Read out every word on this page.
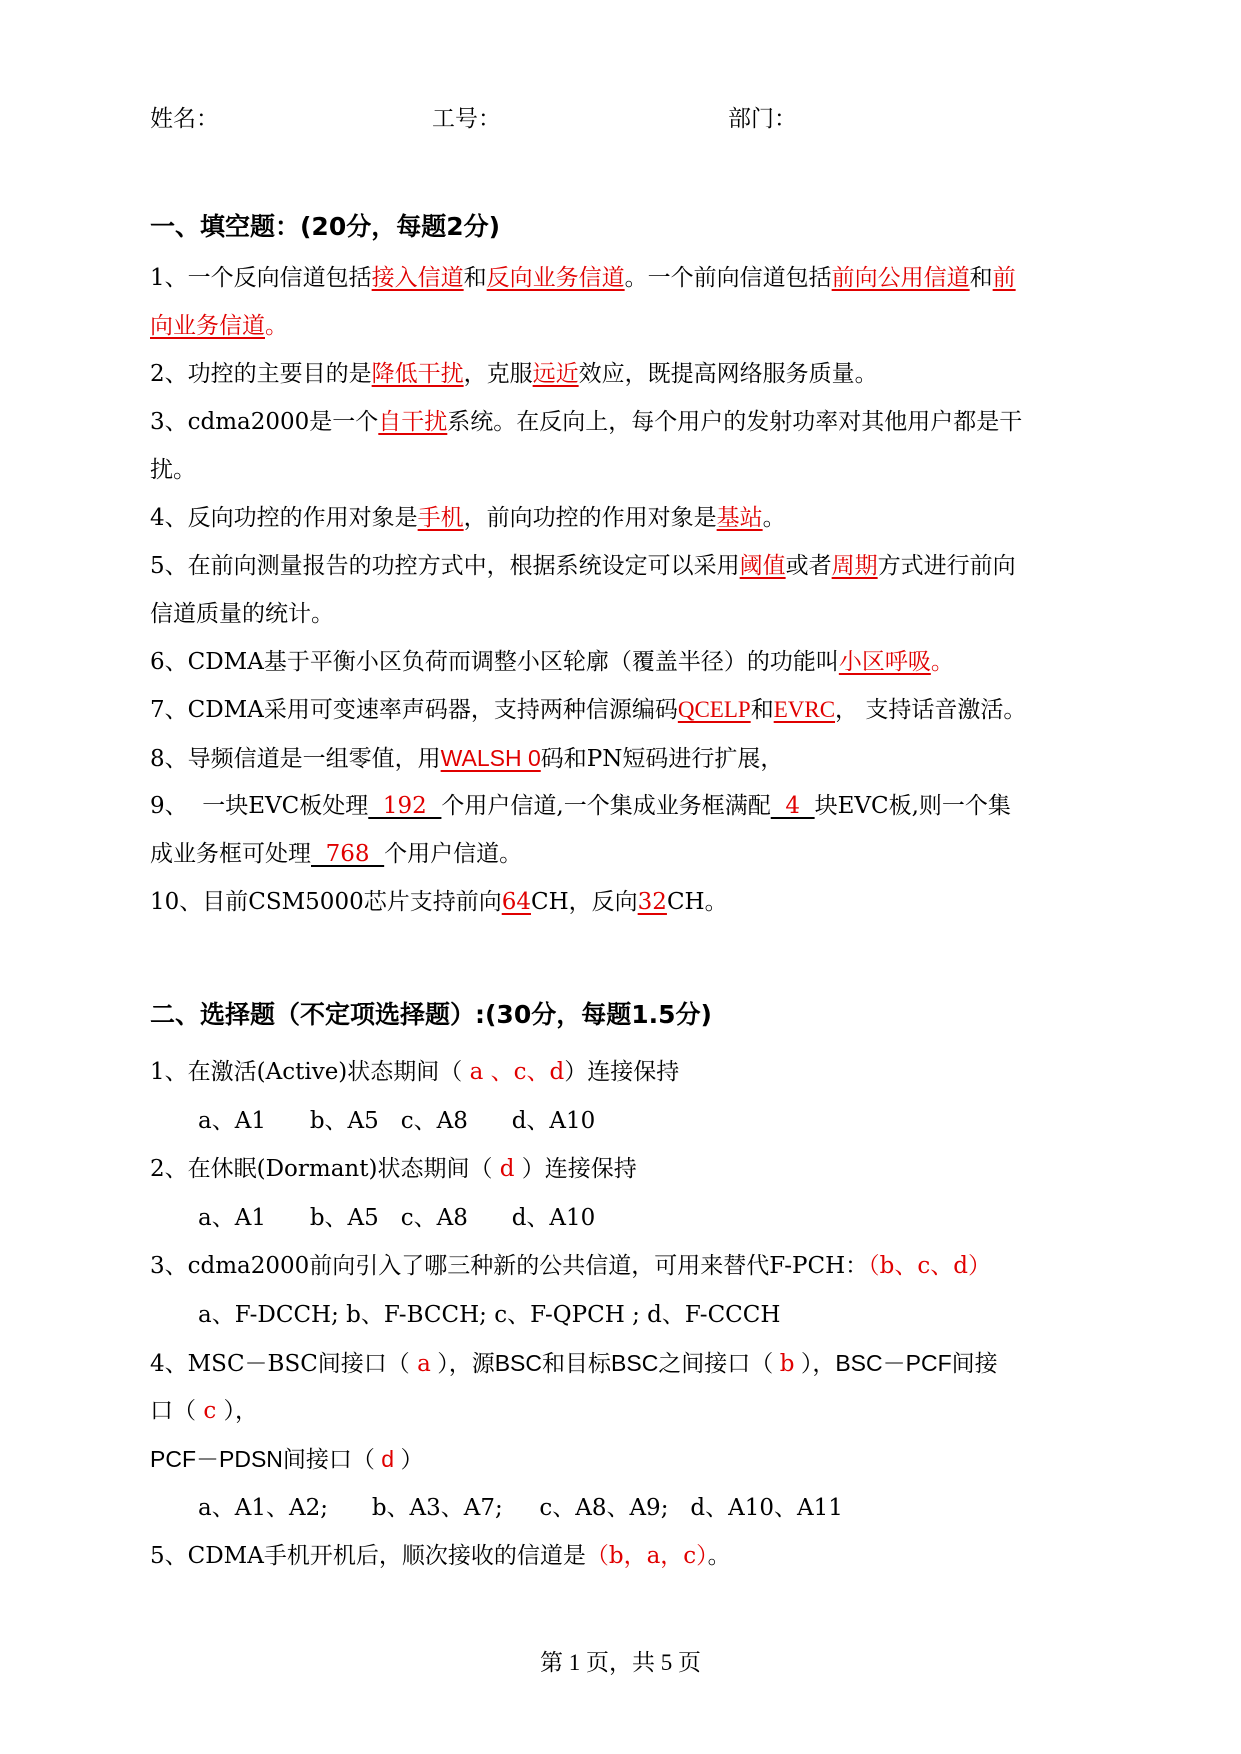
姓名：	工号：	部门：
一、填空题：(20分，每题2分)
1、一个反向信道包括接入信道和反向业务信道。一个前向信道包括前向公用信道和前
向业务信道。
2、功控的主要目的是降低干扰，克服远近效应，既提高网络服务质量。
3、cdma2000是一个自干扰系统。在反向上，每个用户的发射功率对其他用户都是干
扰。
4、反向功控的作用对象是手机，前向功控的作用对象是基站。
5、在前向测量报告的功控方式中，根据系统设定可以采用阈值或者周期方式进行前向
信道质量的统计。
6、CDMA基于平衡小区负荷而调整小区轮廓（覆盖半径）的功能叫小区呼吸。
7、CDMA采用可变速率声码器，支持两种信源编码QCELP和EVRC， 支持话音激活。
8、导频信道是一组零值，用WALSH 0码和PN短码进行扩展，
9、  一块EVC板处理  192  个用户信道,一个集成业务框满配  4  块EVC板,则一个集
成业务框可处理  768  个用户信道。
10、目前CSM5000芯片支持前向64CH，反向32CH。
二、选择题（不定项选择题）:(30分，每题1.5分)
1、在激活(Active)状态期间（ a 、c、d）连接保持
a、A1      b、A5   c、A8      d、A10
2、在休眠(Dormant)状态期间（ d ）连接保持
a、A1      b、A5   c、A8      d、A10
3、cdma2000前向引入了哪三种新的公共信道，可用来替代F-PCH：（b、c、d）
a、F-DCCH; b、F-BCCH; c、F-QPCH ; d、F-CCCH
4、MSC－BSC间接口（ a ），源BSC和目标BSC之间接口（ b ），BSC－PCF间接
口（ c ），
PCF－PDSN间接口（ d ）
a、A1、A2;      b、A3、A7;     c、A8、A9;   d、A10、A11
5、CDMA手机开机后，顺次接收的信道是（b，a，c）。
第 1 页，共 5 页
